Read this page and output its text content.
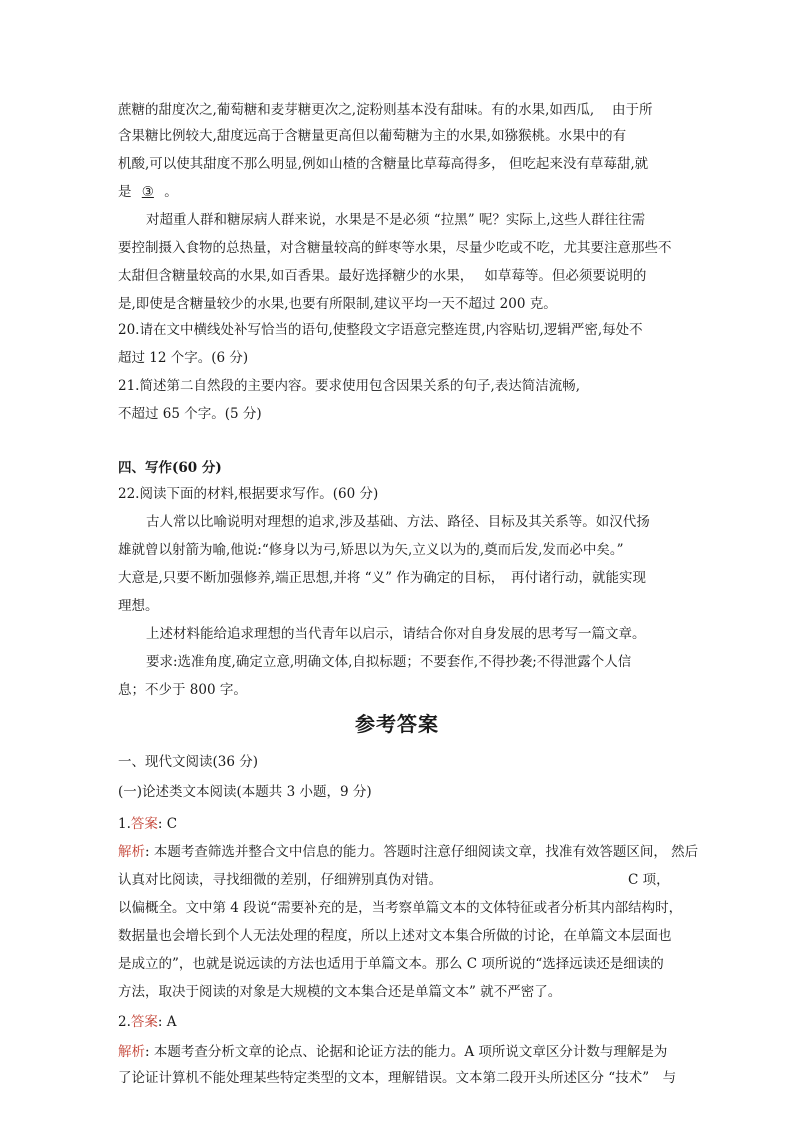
蔗糖的甜度次之,葡萄糖和麦芽糖更次之,淀粉则基本没有甜味。有的水果,如西瓜,　 由于所
含果糖比例较大,甜度远高于含糖量更高但以葡萄糖为主的水果,如猕猴桃。水果中的有
机酸,可以使其甜度不那么明显,例如山楂的含糖量比草莓高得多， 但吃起来没有草莓甜,就
是 ③ 。
对超重人群和糖尿病人群来说，水果是不是必须 “拉黑” 呢？实际上,这些人群往往需
要控制摄入食物的总热量，对含糖量较高的鲜枣等水果，尽量少吃或不吃，尤其要注意那些不
太甜但含糖量较高的水果,如百香果。最好选择糖少的水果，　 如草莓等。但必须要说明的
是,即使是含糖量较少的水果,也要有所限制,建议平均一天不超过 200 克。
20.请在文中横线处补写恰当的语句,使整段文字语意完整连贯,内容贴切,逻辑严密,每处不
超过 12 个字。(6 分)
21.简述第二自然段的主要内容。要求使用包含因果关系的句子,表达简洁流畅,
不超过 65 个字。(5 分)
四、写作(60 分)
22.阅读下面的材料,根据要求写作。(60 分)
古人常以比喻说明对理想的追求,涉及基础、方法、路径、目标及其关系等。如汉代扬
雄就曾以射箭为喻,他说:“修身以为弓,矫思以为矢,立义以为的,奠而后发,发而必中矣。”
大意是,只要不断加强修养,端正思想,并将 “义” 作为确定的目标，　再付诸行动，就能实现
理想。
上述材料能给追求理想的当代青年以启示，请结合你对自身发展的思考写一篇文章。
要求:选准角度,确定立意,明确文体,自拟标题；不要套作,不得抄袭;不得泄露个人信
息；不少于 800 字。
参考答案
一、现代文阅读(36 分)
(一)论述类文本阅读(本题共 3 小题，9 分)
1.答案: C
解析: 本题考查筛选并整合文中信息的能力。答题时注意仔细阅读文章，找准有效答题区间， 然后
认真对比阅读，寻找细微的差别，仔细辨别真伪对错。	C 项，
以偏概全。文中第 4 段说“需要补充的是，当考察单篇文本的文体特征或者分析其内部结构时，
数据量也会增长到个人无法处理的程度，所以上述对文本集合所做的讨论，在单篇文本层面也
是成立的”，也就是说远读的方法也适用于单篇文本。那么 C 项所说的“选择远读还是细读的
方法，取决于阅读的对象是大规模的文本集合还是单篇文本” 就不严密了。
2.答案: A
解析: 本题考查分析文章的论点、论据和论证方法的能力。A 项所说文章区分计数与理解是为
了论证计算机不能处理某些特定类型的文本，理解错误。文本第二段开头所述区分 “技术”　与
